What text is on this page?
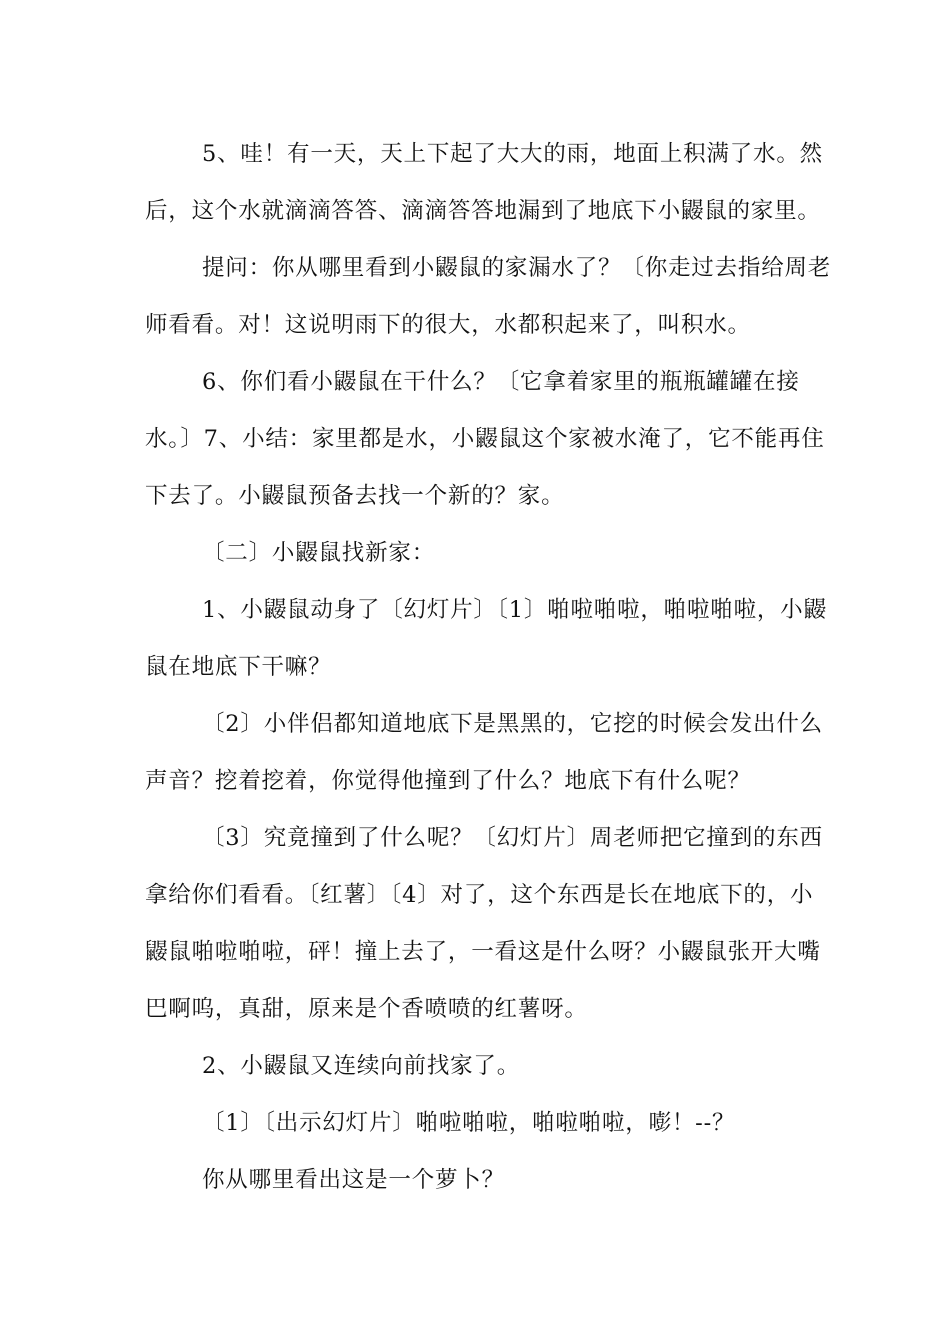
5、哇！有一天，天上下起了大大的雨，地面上积满了水。然

后，这个水就滴滴答答、滴滴答答地漏到了地底下小鼹鼠的家里。

提问：你从哪里看到小鼹鼠的家漏水了？〔你走过去指给周老

师看看。对！这说明雨下的很大，水都积起来了，叫积水。

6、你们看小鼹鼠在干什么？〔它拿着家里的瓶瓶罐罐在接

水。〕7、小结：家里都是水，小鼹鼠这个家被水淹了，它不能再住

下去了。小鼹鼠预备去找一个新的？家。

〔二〕小鼹鼠找新家：

1、小鼹鼠动身了〔幻灯片〕〔1〕啪啦啪啦，啪啦啪啦，小鼹

鼠在地底下干嘛？

〔2〕小伴侣都知道地底下是黑黑的，它挖的时候会发出什么

声音？挖着挖着，你觉得他撞到了什么？地底下有什么呢？

〔3〕究竟撞到了什么呢？〔幻灯片〕周老师把它撞到的东西

拿给你们看看。〔红薯〕〔4〕对了，这个东西是长在地底下的，小

鼹鼠啪啦啪啦，砰！撞上去了，一看这是什么呀？小鼹鼠张开大嘴

巴啊呜，真甜，原来是个香喷喷的红薯呀。

2、小鼹鼠又连续向前找家了。

〔1〕〔出示幻灯片〕啪啦啪啦，啪啦啪啦，嘭！--？

你从哪里看出这是一个萝卜？
